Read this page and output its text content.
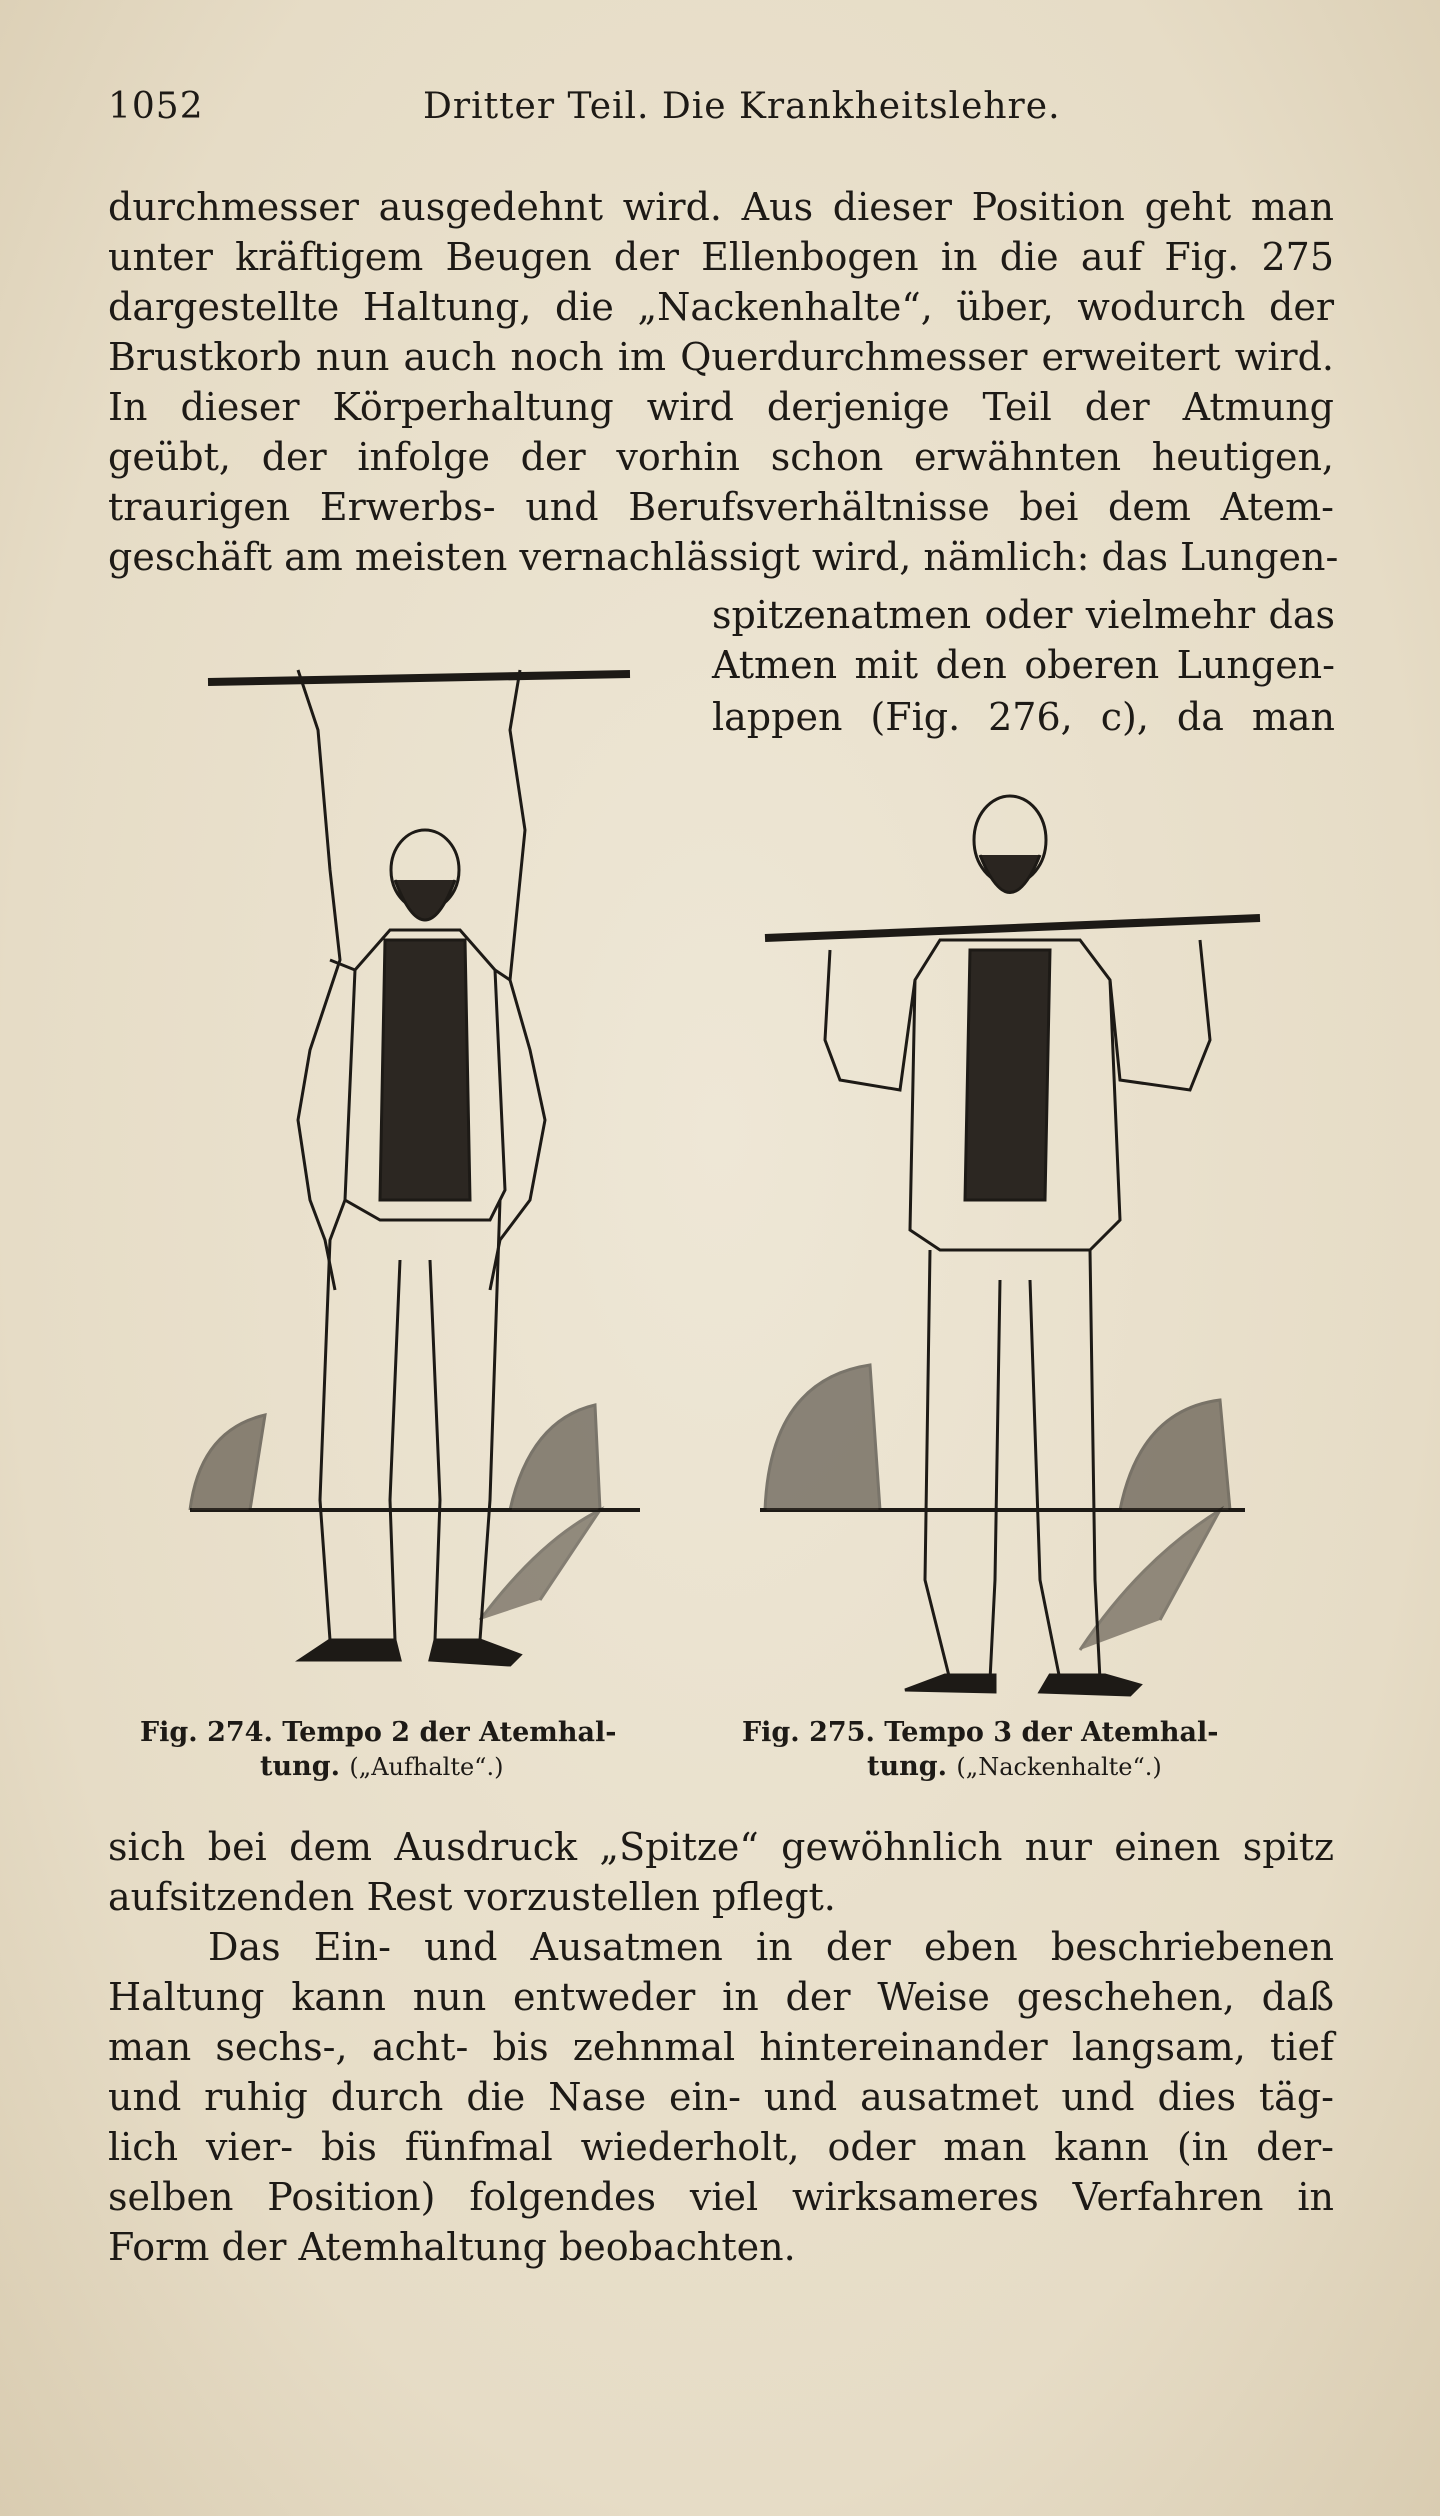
1052	Dritter Teil. Die Krankheitslehre.
durchmesser ausgedehnt wird. Aus dieser Position geht man
unter kräftigem Beugen der Ellenbogen in die auf Fig. 275
dargestellte Haltung, die „Nackenhalte“, über, wodurch der
Brustkorb nun auch noch im Querdurchmesser erweitert wird.
In dieser Körperhaltung wird derjenige Teil der Atmung
geübt, der infolge der vorhin schon erwähnten heutigen,
traurigen Erwerbs- und Berufsverhältnisse bei dem Atem-
geschäft am meisten vernachlässigt wird, nämlich: das Lungen-
spitzenatmen oder vielmehr das
Atmen mit den oberen Lungen-
lappen (Fig. 276, c), da man
Fig. 274. Tempo 2 der Atemhal-
tung. („Aufhalte“.)
Fig. 275. Tempo 3 der Atemhal-
tung. („Nackenhalte“.)
sich bei dem Ausdruck „Spitze“ gewöhnlich nur einen spitz
aufsitzenden Rest vorzustellen pflegt.
Das Ein- und Ausatmen in der eben beschriebenen
Haltung kann nun entweder in der Weise geschehen, daß
man sechs-, acht- bis zehnmal hintereinander langsam, tief
und ruhig durch die Nase ein- und ausatmet und dies täg-
lich vier- bis fünfmal wiederholt, oder man kann (in der-
selben Position) folgendes viel wirksameres Verfahren in
Form der Atemhaltung beobachten.
